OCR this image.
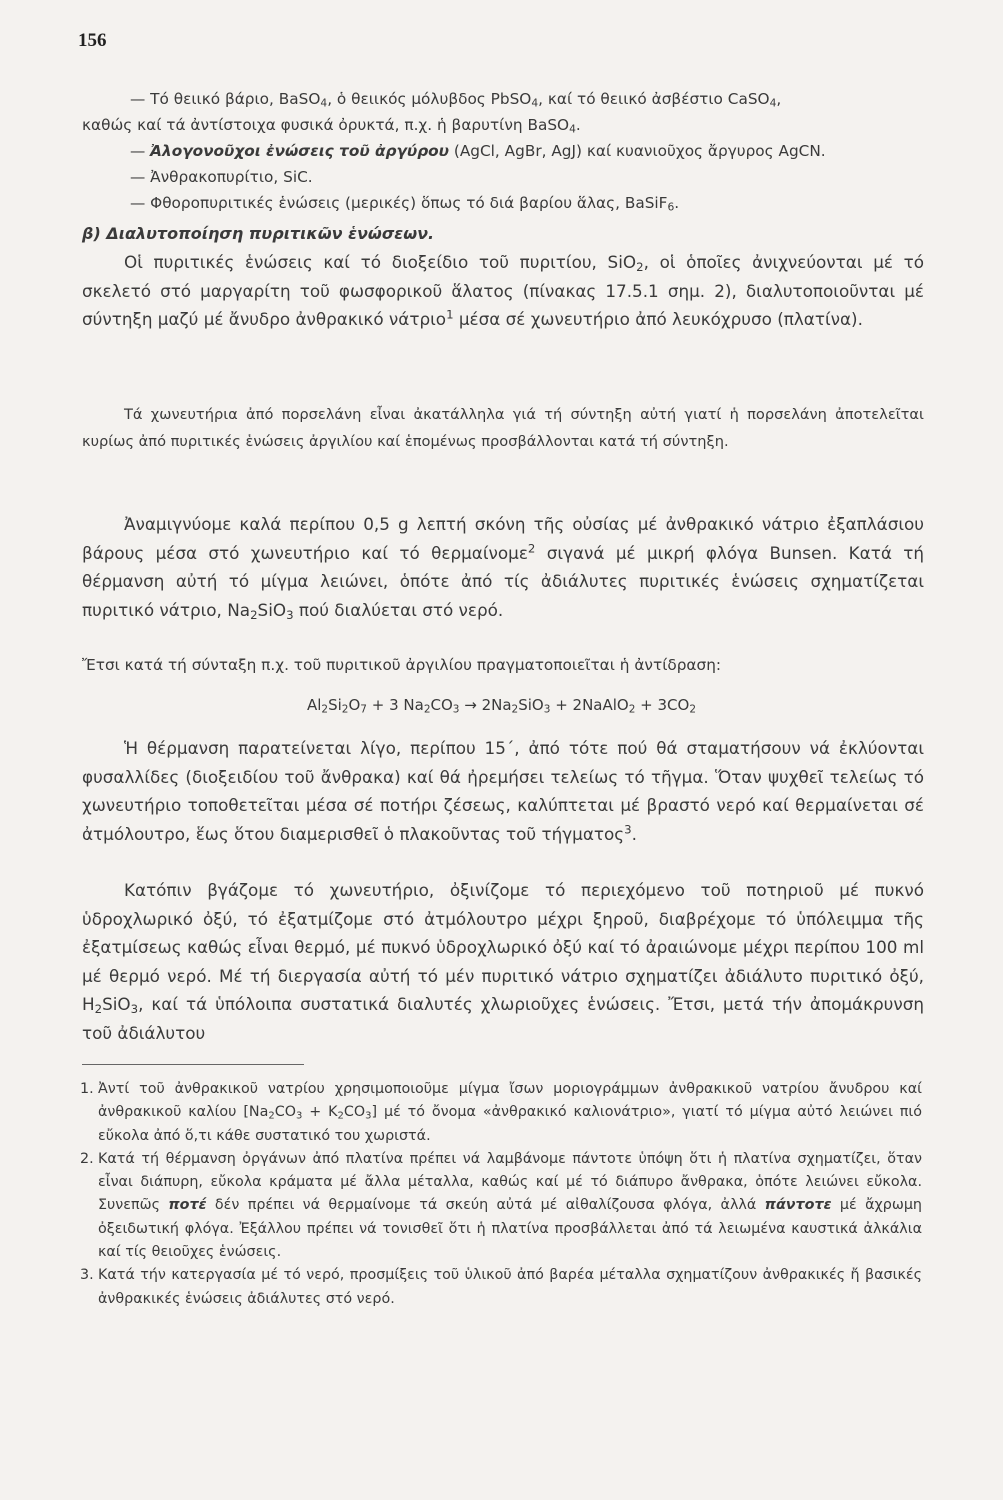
156
— Τό θειικό βάριο, BaSO$_4$, ὁ θειικός μόλυβδος PbSO$_4$, καί τό θειικό ἀσβέστιο CaSO$_4$,
καθώς καί τά ἀντίστοιχα φυσικά ὀρυκτά, π.χ. ἡ βαρυτίνη BaSO$_4$.
— Ἀλογονοῦχοι ἐνώσεις τοῦ ἀργύρου (AgCl, AgBr, AgJ) καί κυανιοῦχος ἄργυρος AgCN.
— Ἀνθρακοπυρίτιο, SiC.
— Φθοροπυριτικές ἑνώσεις (μερικές) ὅπως τό διά βαρίου ἅλας, BaSiF$_6$.
β) Διαλυτοποίηση πυριτικῶν ἑνώσεων.
Οἱ πυριτικές ἑνώσεις καί τό διοξείδιο τοῦ πυριτίου, SiO$_2$, οἱ ὁποῖες ἀνιχνεύονται μέ τό σκελετό στό μαργαρίτη τοῦ φωσφορικοῦ ἅλατος (πίνακας 17.5.1 σημ. 2), διαλυτοποιοῦνται μέ σύντηξη μαζύ μέ ἄνυδρο ἀνθρακικό νάτριο$^1$ μέσα σέ χωνευτήριο ἀπό λευκόχρυσο (πλατίνα).
Τά χωνευτήρια ἀπό πορσελάνη εἶναι ἀκατάλληλα γιά τή σύντηξη αὐτή γιατί ἡ πορσελάνη ἀποτελεῖται κυρίως ἀπό πυριτικές ἑνώσεις ἀργιλίου καί ἑπομένως προσβάλλονται κατά τή σύντηξη.
Ἀναμιγνύομε καλά περίπου 0,5 g λεπτή σκόνη τῆς οὐσίας μέ ἀνθρακικό νάτριο ἐξαπλάσιου βάρους μέσα στό χωνευτήριο καί τό θερμαίνομε$^2$ σιγανά μέ μικρή φλόγα Bunsen. Κατά τή θέρμανση αὐτή τό μίγμα λειώνει, ὁπότε ἀπό τίς ἀδιάλυτες πυριτικές ἑνώσεις σχηματίζεται πυριτικό νάτριο, $Na_2SiO_3$ πού διαλύεται στό νερό.
Ἔτσι κατά τή σύνταξη π.χ. τοῦ πυριτικοῦ ἀργιλίου πραγματοποιεῖται ἡ ἀντίδραση:
$Al_2Si_2O_7 + 3$ $Na_2CO_3 \to 2Na_2SiO_3$ + 2NaAlO$_2$ + $3CO_2$
Ἡ θέρμανση παρατείνεται λίγο, περίπου 15΄, ἀπό τότε πού θά σταματήσουν νά ἐκλύονται φυσαλλίδες (διοξειδίου τοῦ ἄνθρακα) καί θά ἠρεμήσει τελείως τό τῆγμα. Ὅταν ψυχθεῖ τελείως τό χωνευτήριο τοποθετεῖται μέσα σέ ποτήρι ζέσεως, καλύπτεται μέ βραστό νερό καί θερμαίνεται σέ ἀτμόλουτρο, ἕως ὅτου διαμερισθεῖ ὁ πλακοῦντας τοῦ τήγματος$^3$.
Κατόπιν βγάζομε τό χωνευτήριο, ὀξινίζομε τό περιεχόμενο τοῦ ποτηριοῦ μέ πυκνό ὑδροχλωρικό ὀξύ, τό ἐξατμίζομε στό ἀτμόλουτρο μέχρι ξηροῦ, διαβρέχομε τό ὑπόλειμμα τῆς ἐξατμίσεως καθώς εἶναι θερμό, μέ πυκνό ὑδροχλωρικό ὀξύ καί τό ἀραιώνομε μέχρι περίπου 100 ml μέ θερμό νερό. Μέ τή διεργασία αὐτή τό μέν πυριτικό νάτριο σχηματίζει ἀδιάλυτο πυριτικό ὀξύ, $H_2SiO_3$, καί τά ὑπόλοιπα συστατικά διαλυτές χλωριοῦχες ἑνώσεις. Ἔτσι, μετά τήν ἀπομάκρυνση τοῦ ἀδιάλυτου
1. Ἀντί τοῦ ἀνθρακικοῦ νατρίου χρησιμοποιοῦμε μίγμα ἴσων μοριογράμμων ἀνθρακικοῦ νατρίου ἄνυδρου καί ἀνθρακικοῦ καλίου $[Na_2CO_3 + K_2CO_3]$ μέ τό ὄνομα «ἀνθρακικό καλιονάτριο», γιατί τό μίγμα αὐτό λειώνει πιό εὔκολα ἀπό ὅ,τι κάθε συστατικό του χωριστά.
2. Κατά τή θέρμανση ὀργάνων ἀπό πλατίνα πρέπει νά λαμβάνομε πάντοτε ὑπόψη ὅτι ἡ πλατίνα σχηματίζει, ὅταν εἶναι διάπυρη, εὔκολα κράματα μέ ἄλλα μέταλλα, καθώς καί μέ τό διάπυρο ἄνθρακα, ὁπότε λειώνει εὔκολα. Συνεπῶς ποτέ δέν πρέπει νά θερμαίνομε τά σκεύη αὐτά μέ αἰθαλίζουσα φλόγα, ἀλλά πάντοτε μέ ἄχρωμη ὀξειδωτική φλόγα. Ἐξάλλου πρέπει νά τονισθεῖ ὅτι ἡ πλατίνα προσβάλλεται ἀπό τά λειωμένα καυστικά ἀλκάλια καί τίς θειοῦχες ἑνώσεις.
3. Κατά τήν κατεργασία μέ τό νερό, προσμίξεις τοῦ ὑλικοῦ ἀπό βαρέα μέταλλα σχηματίζουν ἀνθρακικές ἤ βασικές ἀνθρακικές ἑνώσεις ἀδιάλυτες στό νερό.
